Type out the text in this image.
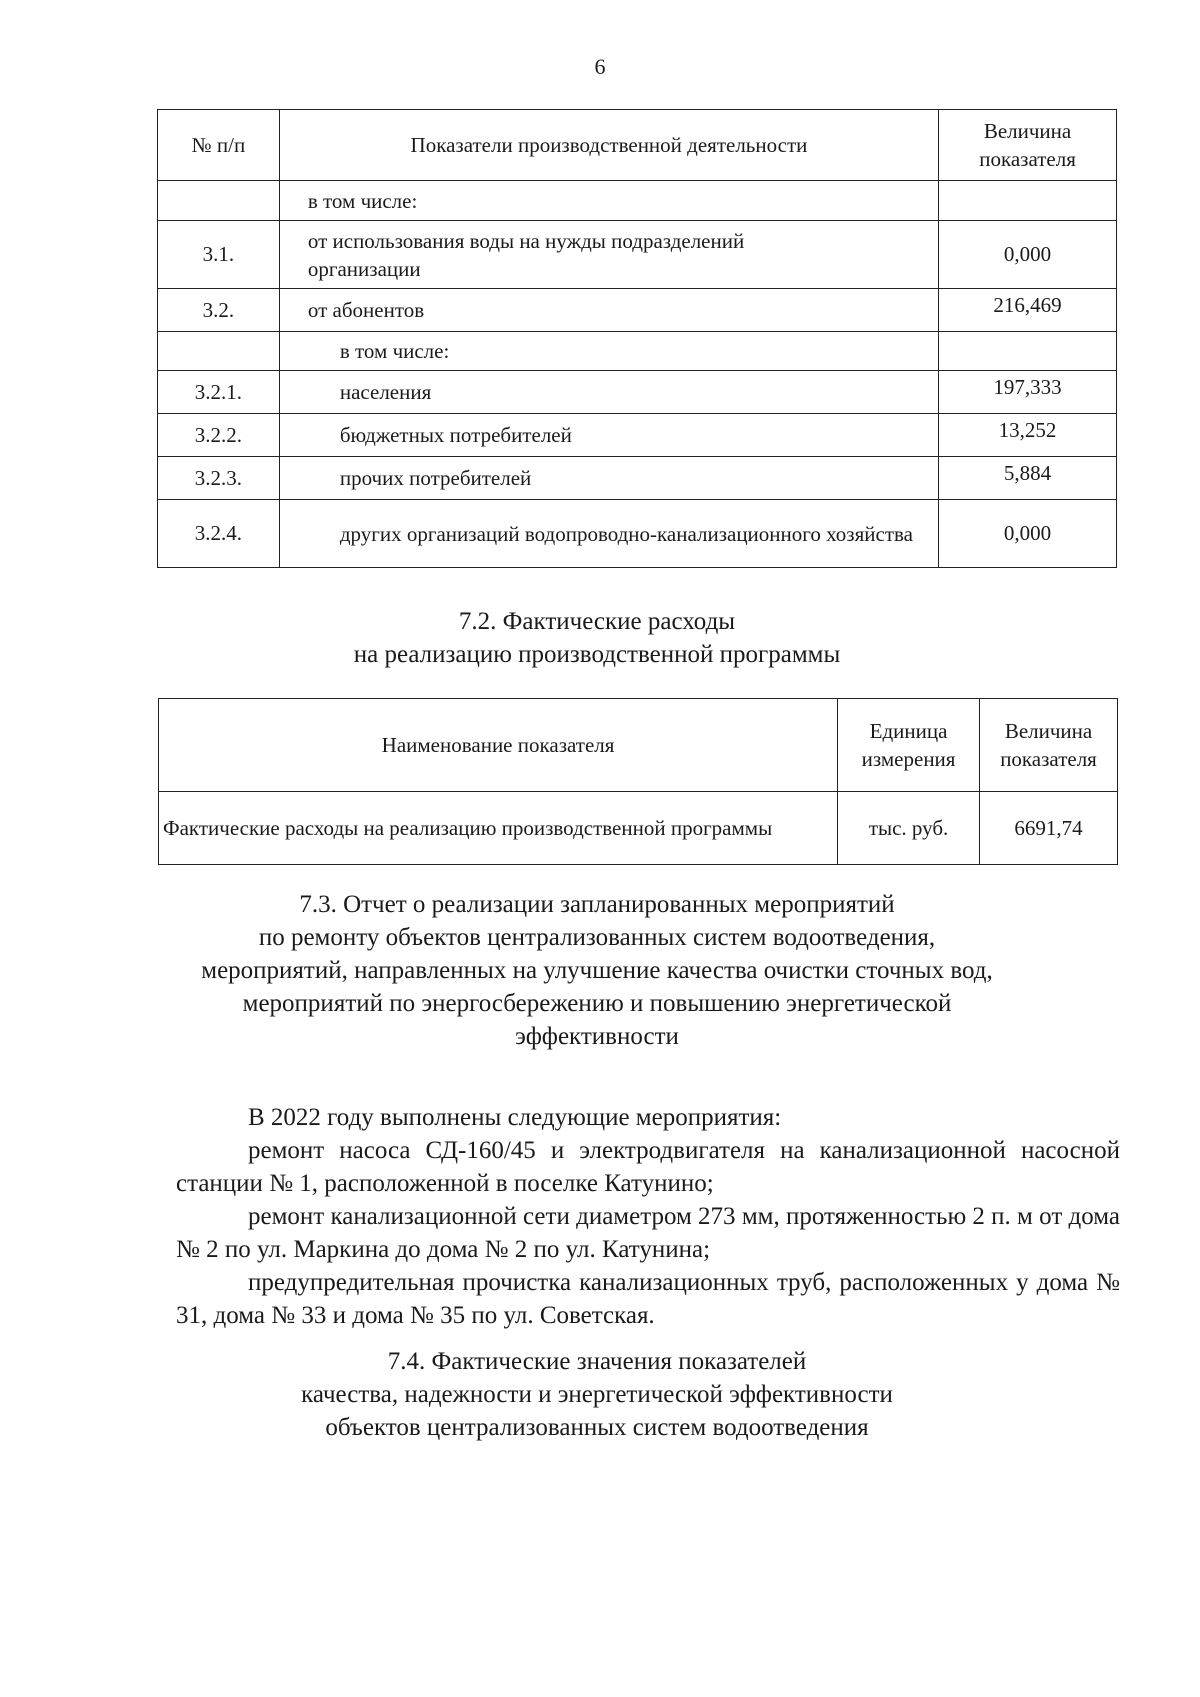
6
№ п/п	Показатели производственной деятельности	Величина показателя
	в том числе:	
3.1.	от использования воды на нужды подразделений организации	0,000
3.2.	от абонентов	216,469
	в том числе:	
3.2.1.	населения	197,333
3.2.2.	бюджетных потребителей	13,252
3.2.3.	прочих потребителей	5,884
3.2.4.	других организаций водопроводно-канализационного хозяйства	0,000
7.2. Фактические расходы
на реализацию производственной программы
Наименование показателя	Единица измерения	Величина показателя
Фактические расходы на реализацию производственной программы	тыс. руб.	6691,74
7.3. Отчет о реализации запланированных мероприятий
по ремонту объектов централизованных систем водоотведения,
мероприятий, направленных на улучшение качества очистки сточных вод,
мероприятий по энергосбережению и повышению энергетической
эффективности
В 2022 году выполнены следующие мероприятия:
ремонт насоса СД-160/45 и электродвигателя на канализационной насосной станции № 1, расположенной в поселке Катунино;
ремонт канализационной сети диаметром 273 мм, протяженностью 2 п. м от дома № 2 по ул. Маркина до дома № 2 по ул. Катунина;
предупредительная прочистка канализационных труб, расположенных у дома № 31, дома № 33 и дома № 35 по ул. Советская.
7.4. Фактические значения показателей
качества, надежности и энергетической эффективности
объектов централизованных систем водоотведения
